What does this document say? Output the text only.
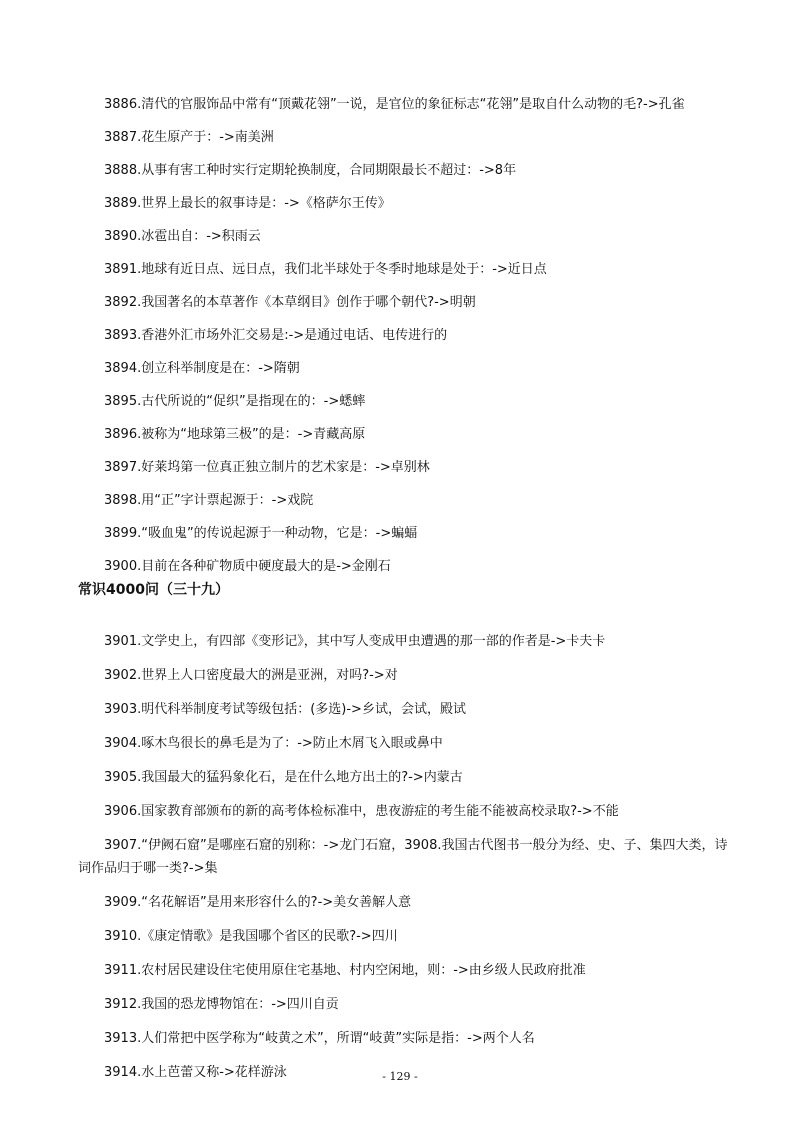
3886.清代的官服饰品中常有“顶戴花翎”一说，是官位的象征标志“花翎”是取自什么动物的毛?->孔雀

3887.花生原产于：->南美洲

3888.从事有害工种时实行定期轮换制度，合同期限最长不超过：->8年

3889.世界上最长的叙事诗是：->《格萨尔王传》

3890.冰雹出自：->积雨云

3891.地球有近日点、远日点，我们北半球处于冬季时地球是处于：->近日点

3892.我国著名的本草著作《本草纲目》创作于哪个朝代?->明朝

3893.香港外汇市场外汇交易是:->是通过电话、电传进行的

3894.创立科举制度是在：->隋朝

3895.古代所说的“促织”是指现在的：->蟋蟀

3896.被称为“地球第三极”的是：->青藏高原

3897.好莱坞第一位真正独立制片的艺术家是：->卓别林

3898.用“正”字计票起源于：->戏院

3899.“吸血鬼”的传说起源于一种动物，它是：->蝙蝠

3900.目前在各种矿物质中硬度最大的是->金刚石

常识4000问（三十九）

3901.文学史上，有四部《变形记》，其中写人变成甲虫遭遇的那一部的作者是->卡夫卡

3902.世界上人口密度最大的洲是亚洲，对吗?->对

3903.明代科举制度考试等级包括：(多选)->乡试，会试，殿试

3904.啄木鸟很长的鼻毛是为了：->防止木屑飞入眼或鼻中

3905.我国最大的猛犸象化石，是在什么地方出土的?->内蒙古

3906.国家教育部颁布的新的高考体检标准中，患夜游症的考生能不能被高校录取?->不能

3907.“伊阙石窟”是哪座石窟的别称：->龙门石窟，3908.我国古代图书一般分为经、史、子、集四大类，诗词作品归于哪一类?->集

3909.“名花解语”是用来形容什么的?->美女善解人意

3910.《康定情歌》是我国哪个省区的民歌?->四川

3911.农村居民建设住宅使用原住宅基地、村内空闲地，则：->由乡级人民政府批准

3912.我国的恐龙博物馆在：->四川自贡

3913.人们常把中医学称为“岐黄之术”，所谓“岐黄”实际是指：->两个人名

3914.水上芭蕾又称->花样游泳	- 129 -
